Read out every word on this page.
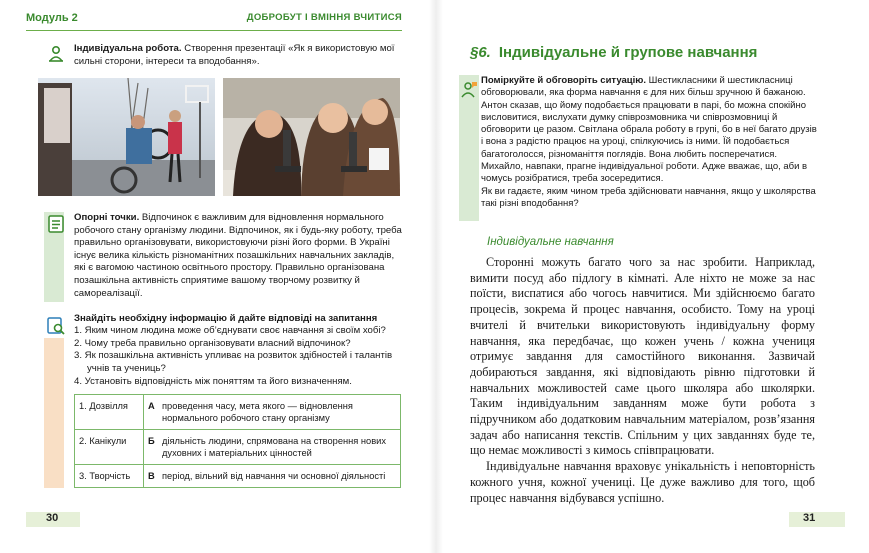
Модуль 2	ДОБРОБУТ І ВМІННЯ ВЧИТИСЯ
Індивідуальна робота. Створення презентації «Як я використовую мої сильні сторони, інтереси та вподобання».
Опорні точки. Відпочинок є важливим для відновлення нормального робочого стану організму людини. Відпочинок, як і будь-яку роботу, треба правильно організовувати, використовуючи різні його форми. В Україні існує велика кількість різноманітних позашкільних навчальних закладів, які є вагомою частиною освітнього простору. Правильно організована позашкільна активність сприятиме вашому творчому розвитку й самореалізації.
Знайдіть необхідну інформацію й дайте відповіді на запитання
1. Яким чином людина може об’єднувати своє навчання зі своїм хобі?
2. Чому треба правильно організовувати власний відпочинок?
3. Як позашкільна активність упливає на розвиток здібностей і талантів
учнів та учениць?
4. Установіть відповідність між поняттям та його визначенням.
1. Дозвілля	А	проведення часу, мета якого — відновлення нормального робочого стану організму
2. Канікули	Б	діяльність людини, спрямована на створення нових духовних і матеріальних цінностей
3. Творчість	В	період, вільний від навчання чи основної діяльності
30
§6. Індивідуальне й групове навчання
Поміркуйте й обговоріть ситуацію. Шестикласники й шестикласниці обговорювали, яка форма навчання є для них більш зручною й бажаною. Антон сказав, що йому подобається працювати в парі, бо можна спокійно висловитися, вислухати думку співрозмовника чи співрозмовниці й обговорити це разом. Світлана обрала роботу в групі, бо в неї багато друзів і вона з радістю працює на уроці, спілкуючись із ними. Їй подобається багатоголосся, різноманіття поглядів. Вона любить посперечатися. Михайло, навпаки, прагне індивідуальної роботи. Адже вважає, що, аби в чомусь розібратися, треба зосередитися.
Як ви гадаєте, яким чином треба здійснювати навчання, якщо у школярства такі різні вподобання?
Індивідуальне навчання

Сторонні можуть багато чого за нас зробити. Наприклад, вимити посуд або підлогу в кімнаті. Але ніхто не може за нас поїсти, виспатися або чогось навчитися. Ми здійснюємо багато процесів, зокрема й процес навчання, особисто. Тому на уроці вчителі й вчительки використовують індивідуальну форму навчання, яка передбачає, що кожен учень / кожна учениця отримує завдання для самостійного виконання. Зазвичай добираються завдання, які відповідають рівню підготовки й навчальних можливостей саме цього школяра або школярки. Таким індивідуальним завданням може бути робота з підручником або додатковим навчальним матеріалом, розв’язання задач або написання текстів. Спільним у цих завданнях буде те, що немає можливості з кимось співпрацювати.

Індивідуальне навчання враховує унікальність і неповторність кожного учня, кожної учениці. Це дуже важливо для того, щоб процес навчання відбувався успішно.

31
